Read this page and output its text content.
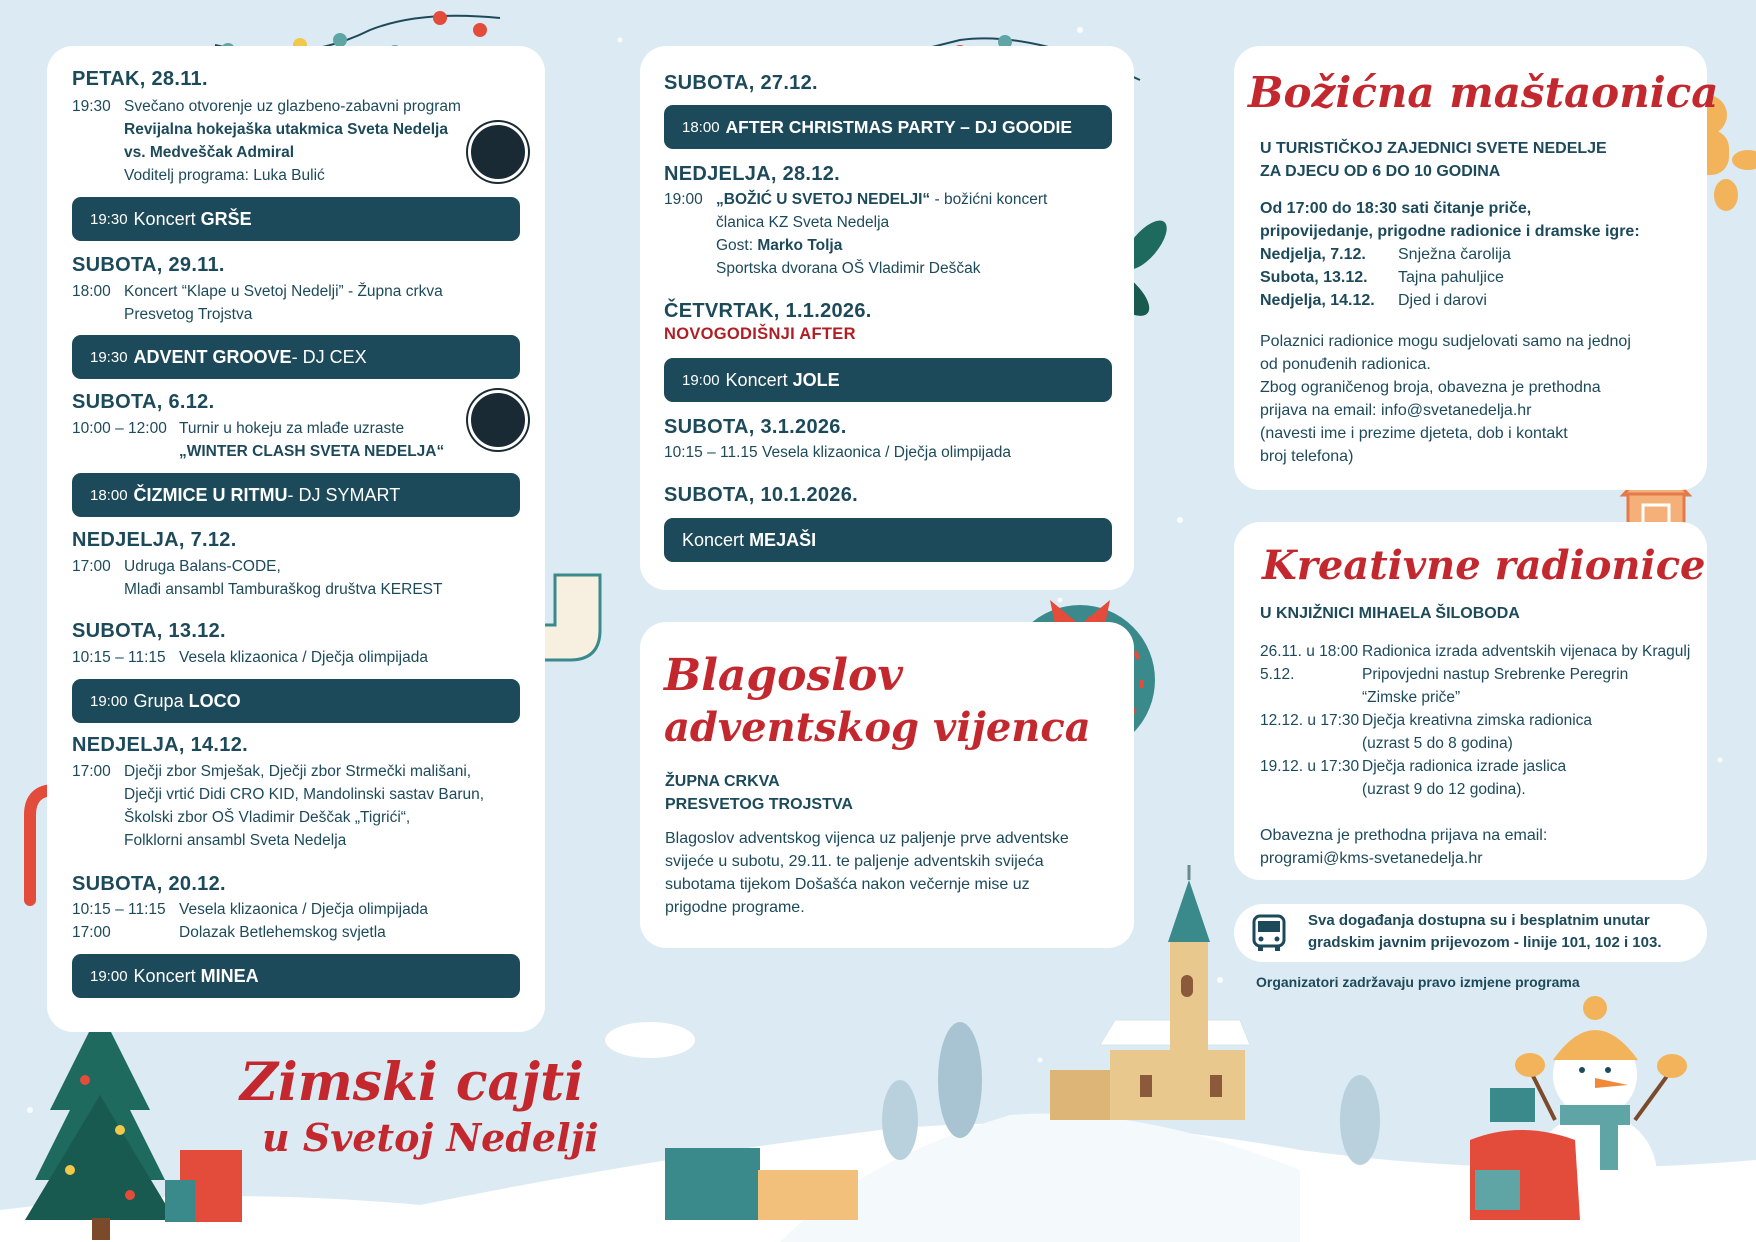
PETAK, 28.11.
19:30 Svečano otvorenje uz glazbeno-zabavni program
Revijalna hokejaška utakmica Sveta Nedelja
vs. Medveščak Admiral
Voditelj programa: Luka Bulić
19:30 Koncert
GRŠE
SUBOTA, 29.11.
18:00 Koncert “Klape u Svetoj Nedelji” - Župna crkva
Presvetog Trojstva
19:30 ADVENT GROOVE - DJ CEX
SUBOTA, 6.12.
10:00 – 12:00 Turnir u hokeju za mlađe uzraste
„WINTER CLASH SVETA NEDELJA“
18:00 ČIZMICE U RITMU - DJ SYMART
NEDJELJA, 7.12.
17:00 Udruga Balans-CODE,
Mlađi ansambl Tamburaškog društva KEREST
SUBOTA, 13.12.
10:15 – 11:15 Vesela klizaonica / Dječja olimpijada
19:00 Grupa
LOCO
NEDJELJA, 14.12.
17:00 Dječji zbor Smješak, Dječji zbor Strmečki mališani,
Dječji vrtić Didi CRO KID, Mandolinski sastav Barun,
Školski zbor OŠ Vladimir Deščak „Tigrići“,
Folklorni ansambl Sveta Nedelja
SUBOTA, 20.12.
10:15 – 11:15 Vesela klizaonica / Dječja olimpijada
17:00	Dolazak Betlehemskog svjetla
19:00 Koncert
MINEA
SUBOTA, 27.12.
18:00 AFTER CHRISTMAS PARTY – DJ GOODIE
NEDJELJA, 28.12.
19:00 „BOŽIĆ U SVETOJ NEDELJI“ - božićni koncert
članica KZ Sveta Nedelja
Gost: Marko Tolja
Sportska dvorana OŠ Vladimir Deščak
ČETVRTAK, 1.1.2026.
NOVOGODIŠNJI AFTER
19:00 Koncert
JOLE
SUBOTA, 3.1.2026.
10:15 – 11.15 Vesela klizaonica / Dječja olimpijada
SUBOTA, 10.1.2026.
Koncert
MEJAŠI
Blagoslov
adventskog vijenca
ŽUPNA CRKVA
PRESVETOG TROJSTVA
Blagoslov adventskog vijenca uz paljenje prve adventske
svijeće u subotu, 29.11. te paljenje adventskih svijeća
subotama tijekom Došašća nakon večernje mise uz
prigodne programe.
Božićna maštaonica
U TURISTIČKOJ ZAJEDNICI SVETE NEDELJE
ZA DJECU OD 6 DO 10 GODINA
Od 17:00 do 18:30 sati čitanje priče,
pripovijedanje, prigodne radionice i dramske igre:
Nedjelja, 7.12. Snježna čarolija
Subota, 13.12. Tajna pahuljice
Nedjelja, 14.12. Djed i darovi
Polaznici radionice mogu sudjelovati samo na jednoj
od ponuđenih radionica.
Zbog ograničenog broja, obavezna je prethodna
prijava na email: info@svetanedelja.hr
(navesti ime i prezime djeteta, dob i kontakt
broj telefona)
Kreativne radionice
U KNJIŽNICI MIHAELA ŠILOBODA
26.11. u 18:00 Radionica izrada adventskih vijenaca by Kragulj
5.12.	Pripovjedni nastup Srebrenke Peregrin
“Zimske priče”
12.12. u 17:30 Dječja kreativna zimska radionica
(uzrast 5 do 8 godina)
19.12. u 17:30 Dječja radionica izrade jaslica
(uzrast 9 do 12 godina).
Obavezna je prethodna prijava na email:
programi@kms-svetanedelja.hr
Sva događanja dostupna su i besplatnim unutar
gradskim javnim prijevozom - linije 101, 102 i 103.
Organizatori zadržavaju pravo izmjene programa
Zimski cajti
u Svetoj Nedelji
